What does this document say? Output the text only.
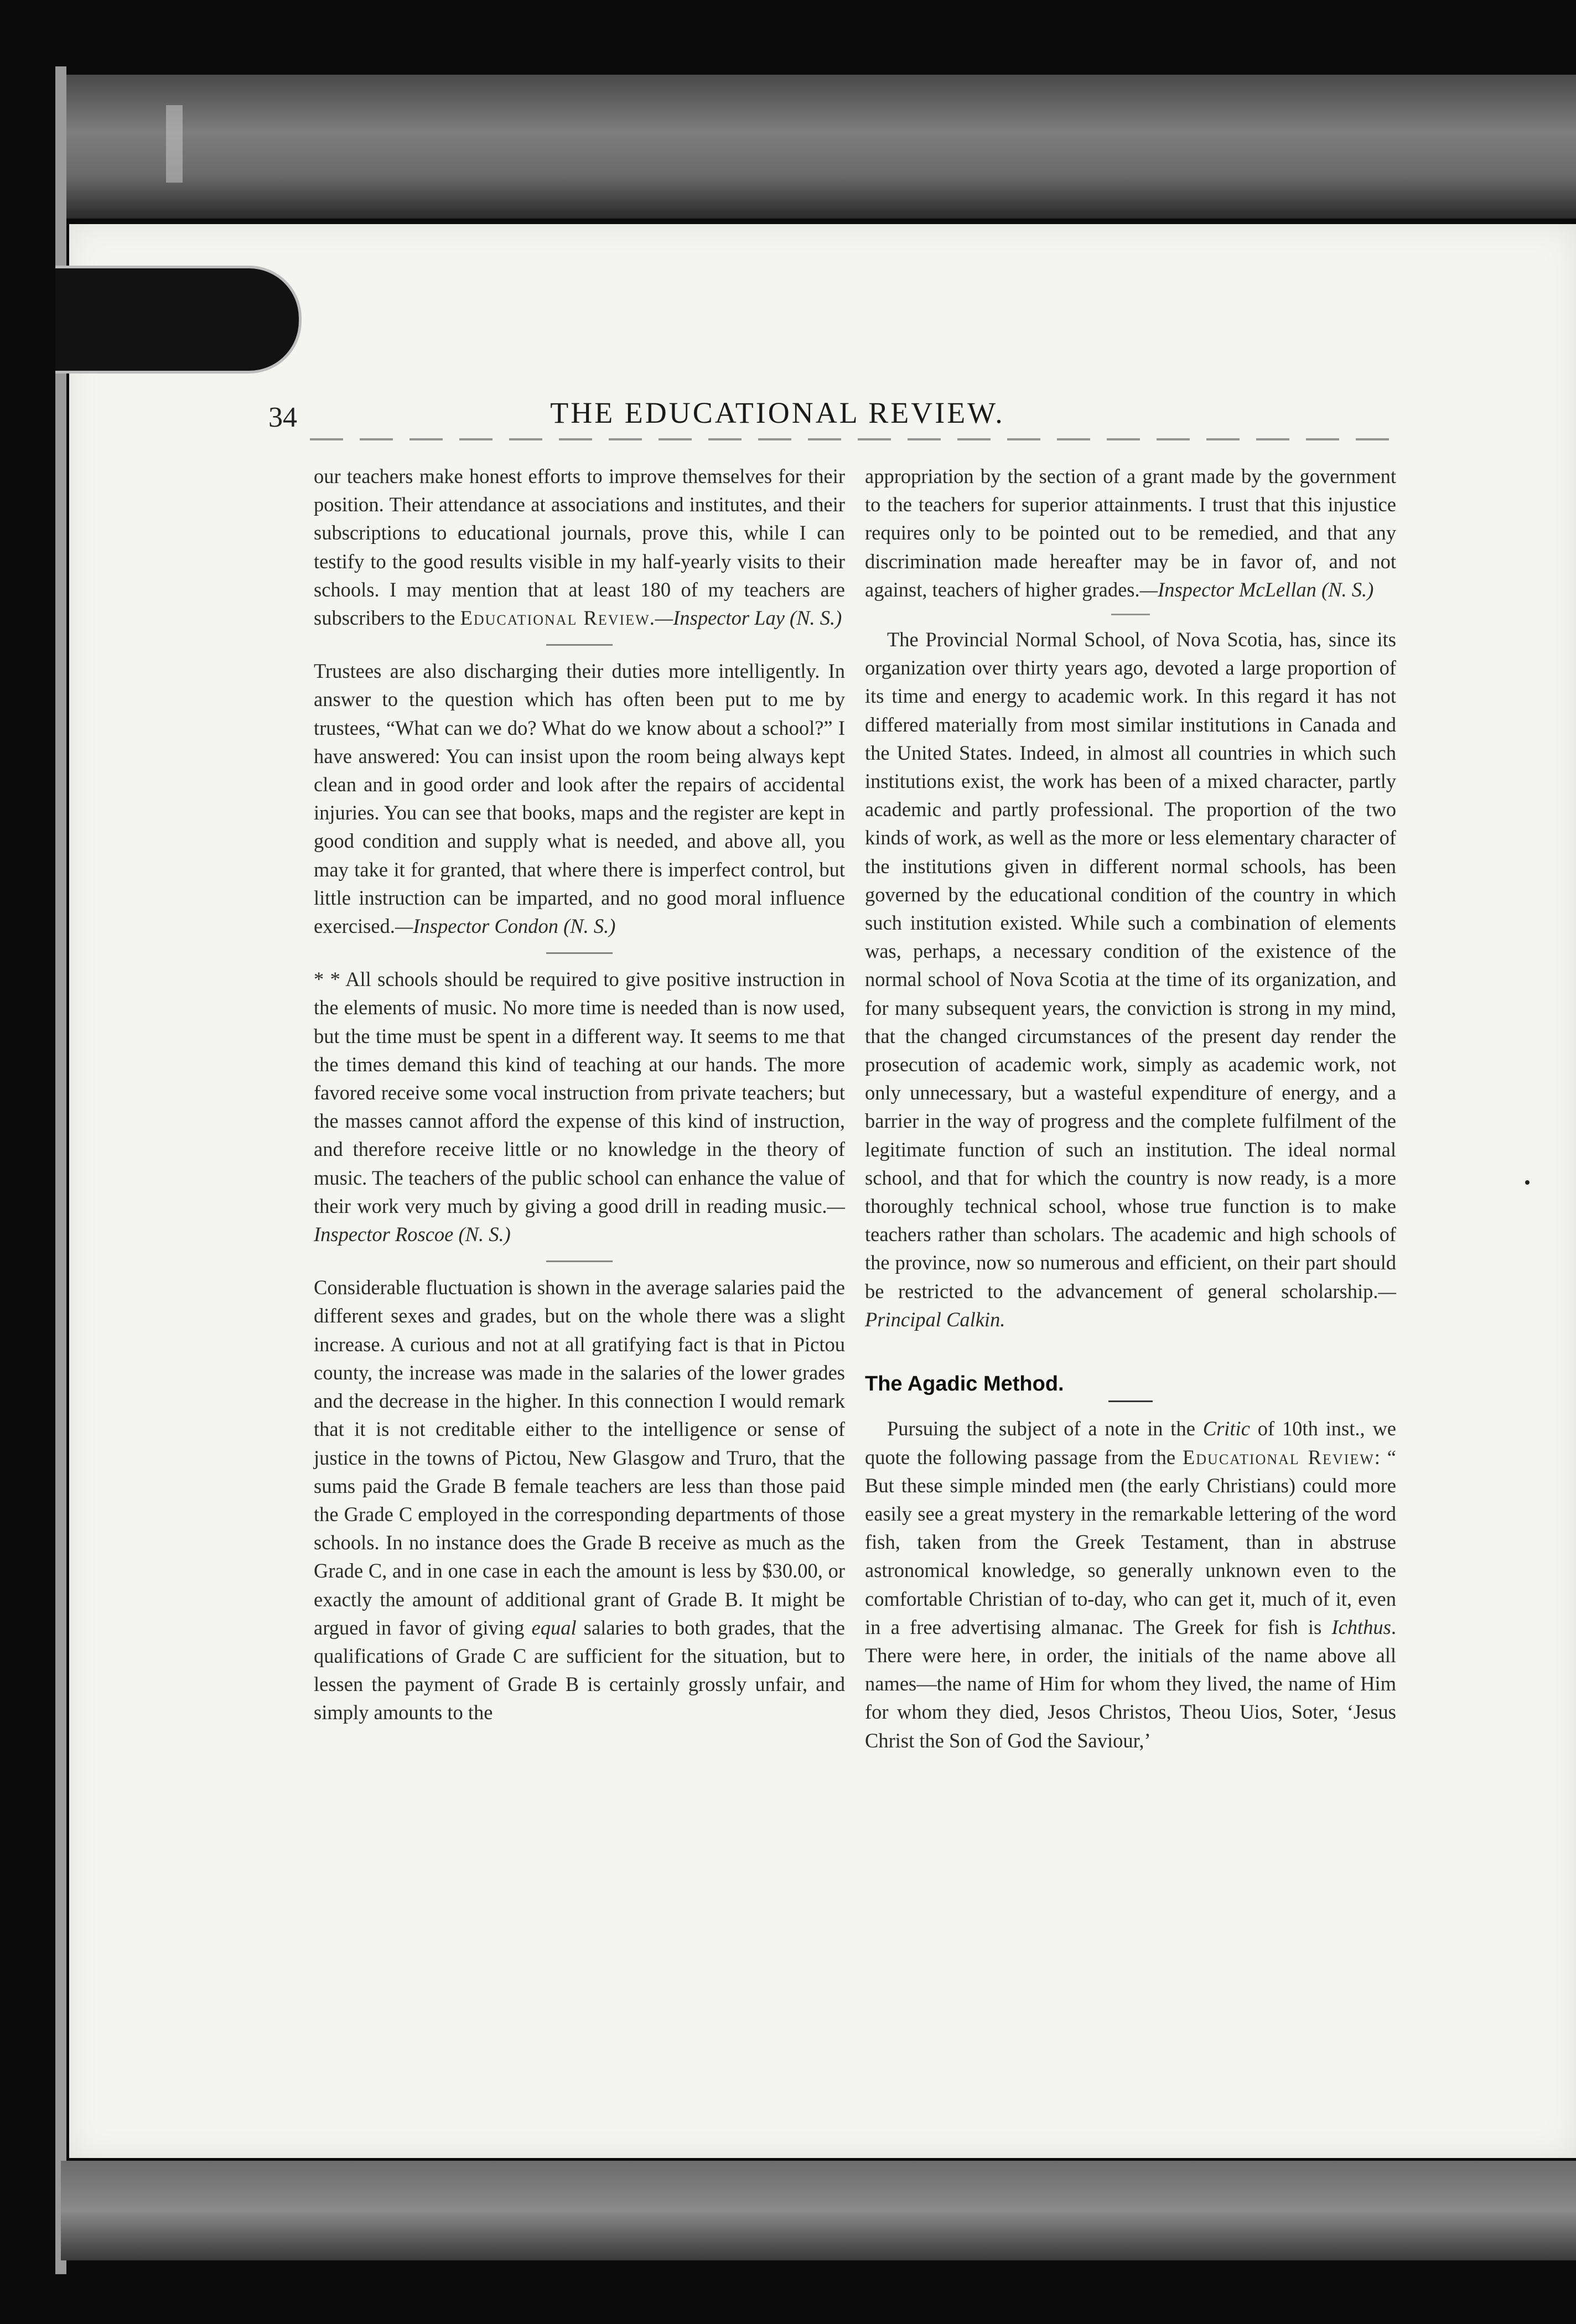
34	THE EDUCATIONAL REVIEW.

our teachers make honest efforts to improve themselves for their position. Their attendance at associations and institutes, and their subscriptions to educational journals, prove this, while I can testify to the good results visible in my half-yearly visits to their schools. I may mention that at least 180 of my teachers are subscribers to the Educational Review.—Inspector Lay (N. S.)

Trustees are also discharging their duties more intelligently. In answer to the question which has often been put to me by trustees, “What can we do? What do we know about a school?” I have answered: You can insist upon the room being always kept clean and in good order and look after the repairs of accidental injuries. You can see that books, maps and the register are kept in good condition and supply what is needed, and above all, you may take it for granted, that where there is imperfect control, but little instruction can be imparted, and no good moral influence exercised.—Inspector Condon (N. S.)

* * All schools should be required to give positive instruction in the elements of music. No more time is needed than is now used, but the time must be spent in a different way. It seems to me that the times demand this kind of teaching at our hands. The more favored receive some vocal instruction from private teachers; but the masses cannot afford the expense of this kind of instruction, and therefore receive little or no knowledge in the theory of music. The teachers of the public school can enhance the value of their work very much by giving a good drill in reading music.—Inspector Roscoe (N. S.)

Considerable fluctuation is shown in the average salaries paid the different sexes and grades, but on the whole there was a slight increase. A curious and not at all gratifying fact is that in Pictou county, the increase was made in the salaries of the lower grades and the decrease in the higher. In this connection I would remark that it is not creditable either to the intelligence or sense of justice in the towns of Pictou, New Glasgow and Truro, that the sums paid the Grade B female teachers are less than those paid the Grade C employed in the corresponding departments of those schools. In no instance does the Grade B receive as much as the Grade C, and in one case in each the amount is less by $30.00, or exactly the amount of additional grant of Grade B. It might be argued in favor of giving equal salaries to both grades, that the qualifications of Grade C are sufficient for the situation, but to lessen the payment of Grade B is certainly grossly unfair, and simply amounts to the

appropriation by the section of a grant made by the government to the teachers for superior attainments. I trust that this injustice requires only to be pointed out to be remedied, and that any discrimination made hereafter may be in favor of, and not against, teachers of higher grades.—Inspector McLellan (N. S.)

The Provincial Normal School, of Nova Scotia, has, since its organization over thirty years ago, devoted a large proportion of its time and energy to academic work. In this regard it has not differed materially from most similar institutions in Canada and the United States. Indeed, in almost all countries in which such institutions exist, the work has been of a mixed character, partly academic and partly professional. The proportion of the two kinds of work, as well as the more or less elementary character of the institutions given in different normal schools, has been governed by the educational condition of the country in which such institution existed. While such a combination of elements was, perhaps, a necessary condition of the existence of the normal school of Nova Scotia at the time of its organization, and for many subsequent years, the conviction is strong in my mind, that the changed circumstances of the present day render the prosecution of academic work, simply as academic work, not only unnecessary, but a wasteful expenditure of energy, and a barrier in the way of progress and the complete fulfilment of the legitimate function of such an institution. The ideal normal school, and that for which the country is now ready, is a more thoroughly technical school, whose true function is to make teachers rather than scholars. The academic and high schools of the province, now so numerous and efficient, on their part should be restricted to the advancement of general scholarship.—Principal Calkin.

The Agadic Method.

Pursuing the subject of a note in the Critic of 10th inst., we quote the following passage from the Educational Review: “ But these simple minded men (the early Christians) could more easily see a great mystery in the remarkable lettering of the word fish, taken from the Greek Testament, than in abstruse astronomical knowledge, so generally unknown even to the comfortable Christian of to-day, who can get it, much of it, even in a free advertising almanac. The Greek for fish is Ichthus. There were here, in order, the initials of the name above all names—the name of Him for whom they lived, the name of Him for whom they died, Jesos Christos, Theou Uios, Soter, ‘Jesus Christ the Son of God the Saviour,’
